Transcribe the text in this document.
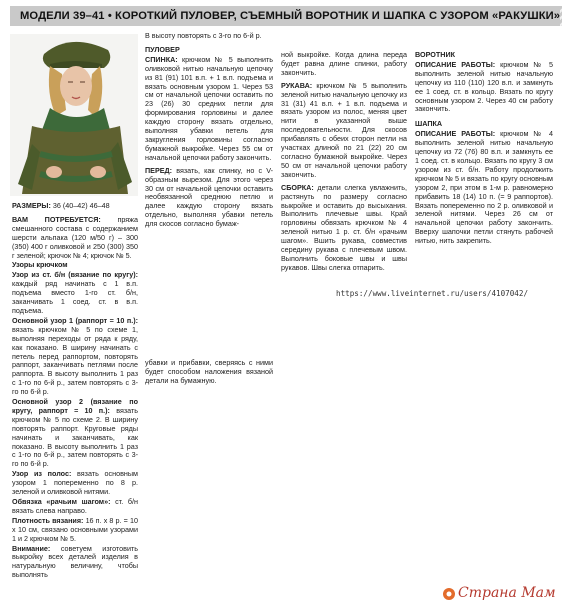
МОДЕЛИ 39–41 • КОРОТКИЙ ПУЛОВЕР, СЪЕМНЫЙ ВОРОТНИК И ШАПКА С УЗОРОМ «РАКУШКИ»

РАЗМЕРЫ: 36 (40–42) 46–48

ВАМ ПОТРЕБУЕТСЯ: пряжа смешанного состава с содержанием шерсти альпака (120 м/50 г) – 300 (350) 400 г оливковой и 250 (300) 350 г зеленой; крючок № 4; крючок № 5.

Узоры крючком

Узор из ст. б/н (вязание по кругу): каждый ряд начинать с 1 в.п. подъема вместо 1-го ст. б/н, заканчивать 1 соед. ст. в в.п. подъема.

Основной узор 1 (раппорт = 10 п.): вязать крючком № 5 по схеме 1, выполняя переходы от ряда к ряду, как показано. В ширину начинать с петель перед раппортом, повторять раппорт, заканчивать петлями после раппорта. В высоту выполнить 1 раз с 1-го по 6-й р., затем повторять с 3-го по 6-й р.

Основной узор 2 (вязание по кругу, раппорт = 10 п.): вязать крючком № 5 по схеме 2. В ширину повторять раппорт. Круговые ряды начинать и заканчивать, как показано. В высоту выполнить 1 раз с 1-го по 6-й р., затем повторять с 3-го по 6-й р.

Узор из полос: вязать основным узором 1 попеременно по 8 р. зеленой и оливковой нитями.

Обвязка «рачьим шагом»: ст. б/н вязать слева направо.

Плотность вязания: 16 п. х 8 р. = 10 х 10 см, связано основными узорами 1 и 2 крючком № 5.

Внимание: советуем изготовить выкройку всех деталей изделия в натуральную величину, чтобы выполнять

В высоту повторять с 3-го по 6-й р.

ПУЛОВЕР

СПИНКА: крючком № 5 выполнить оливковой нитью начальную цепочку из 81 (91) 101 в.п. + 1 в.п. подъема и вязать основным узором 1. Через 53 см от начальной цепочки оставить по 23 (26) 30 средних петли для формирования горловины и далее каждую сторону вязать отдельно, выполняя убавки петель для закругления горловины согласно бумажной выкройке. Через 55 см от начальной цепочки работу закончить.

ПЕРЕД: вязать, как спинку, но с V-образным вырезом. Для этого через 30 см от начальной цепочки оставить необвязанной среднюю петлю и далее каждую сторону вязать отдельно, выполняя убавки петель для скосов согласно бумаж-

ной выкройке. Когда длина переда будет равна длине спинки, работу закончить.

РУКАВА: крючком № 5 выполнить зеленой нитью начальную цепочку из 31 (31) 41 в.п. + 1 в.п. подъема и вязать узором из полос, меняя цвет нити в указанной выше последовательности. Для скосов прибавлять с обеих сторон петли на участках длиной по 21 (22) 20 см согласно бумажной выкройке. Через 50 см от начальной цепочки работу закончить.

СБОРКА: детали слегка увлажнить, растянуть по размеру согласно выкройке и оставить до высыхания. Выполнить плечевые швы. Край горловины обвязать крючком № 4 зеленой нитью 1 р. ст. б/н «рачьим шагом». Вшить рукава, совместив середину рукава с плечевым швом. Выполнить боковые швы и швы рукавов. Швы слегка отпарить.

убавки и прибавки, сверяясь с ними будет способом наложения вязаной детали на бумажную.

ВОРОТНИК

ОПИСАНИЕ РАБОТЫ: крючком № 5 выполнить зеленой нитью начальную цепочку из 110 (110) 120 в.п. и замкнуть ее 1 соед. ст. в кольцо. Вязать по кругу основным узором 2. Через 40 см работу закончить.

ШАПКА

ОПИСАНИЕ РАБОТЫ: крючком № 4 выполнить зеленой нитью начальную цепочку из 72 (76) 80 в.п. и замкнуть ее 1 соед. ст. в кольцо. Вязать по кругу 3 см узором из ст. б/н. Работу продолжить крючком № 5 и вязать по кругу основным узором 2, при этом в 1-м р. равномерно прибавить 18 (14) 10 п. (= 9 раппортов). Вязать попеременно по 2 р. оливковой и зеленой нитями. Через 26 см от начальной цепочки работу закончить. Вверху шапочки петли стянуть рабочей нитью, нить закрепить.

https://www.liveinternet.ru/users/4107042/
Страна Мам
